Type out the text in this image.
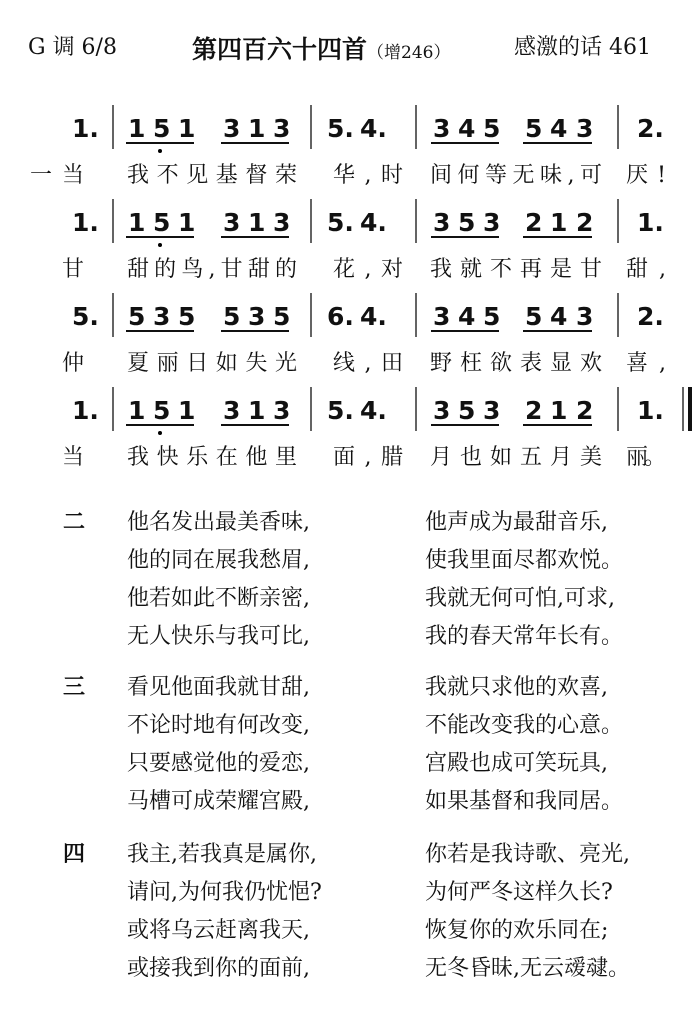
G 调 6/8	第四百六十四首（增246）	感激的话 461
1. 1 5 1 3 1 3 5. 4. 3 4 5 5 4 3 2.
一 当 我不见基督荣 华,时 间何等无味,可 厌!
1. 1 5 1 3 1 3 5. 4. 3 5 3 2 1 2 1.
甘 甜的鸟,甘甜的 花,对 我就不再是甘 甜,
5. 5 3 5 5 3 5 6. 4. 3 4 5 5 4 3 2.
仲 夏丽日如失光 线,田 野枉欲表显欢 喜,
1. 1 5 1 3 1 3 5. 4. 3 5 3 2 1 2 1.
当 我快乐在他里 面,腊 月也如五月美 丽。
二 他名发出最美香味,	他声成为最甜音乐,
他的同在展我愁眉,	使我里面尽都欢悦。
他若如此不断亲密,	我就无何可怕,可求,
无人快乐与我可比,	我的春天常年长有。
三 看见他面我就甘甜,	我就只求他的欢喜,
不论时地有何改变,	不能改变我的心意。
只要感觉他的爱恋,	宫殿也成可笑玩具,
马槽可成荣耀宫殿,	如果基督和我同居。
四 我主,若我真是属你,	你若是我诗歌、亮光,
请问,为何我仍忧悒?	为何严冬这样久长?
或将乌云赶离我天,	恢复你的欢乐同在;
或接我到你的面前,	无冬昏昧,无云叆叇。
